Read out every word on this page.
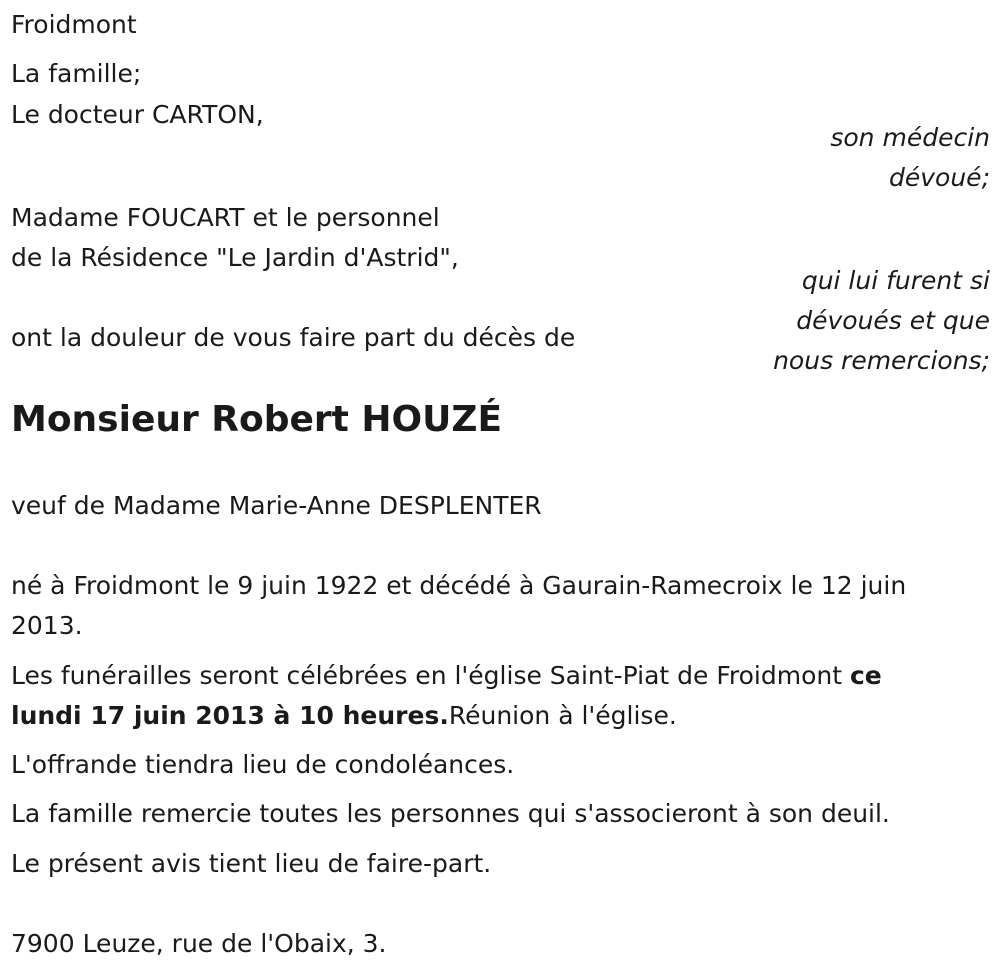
Froidmont

La famille;

Le docteur CARTON,

son médecin

dévoué;

Madame FOUCART et le personnel

de la Résidence "Le Jardin d'Astrid",

qui lui furent si

dévoués et que

nous remercions;

ont la douleur de vous faire part du décès de

Monsieur Robert HOUZÉ

veuf de Madame Marie-Anne DESPLENTER

né à Froidmont le 9 juin 1922 et décédé à Gaurain-Ramecroix le 12 juin

2013.

Les funérailles seront célébrées en l'église Saint-Piat de Froidmont ce

lundi 17 juin 2013 à 10 heures.Réunion à l'église.

L'offrande tiendra lieu de condoléances.

La famille remercie toutes les personnes qui s'associeront à son deuil.

Le présent avis tient lieu de faire-part.

7900 Leuze, rue de l'Obaix, 3.
